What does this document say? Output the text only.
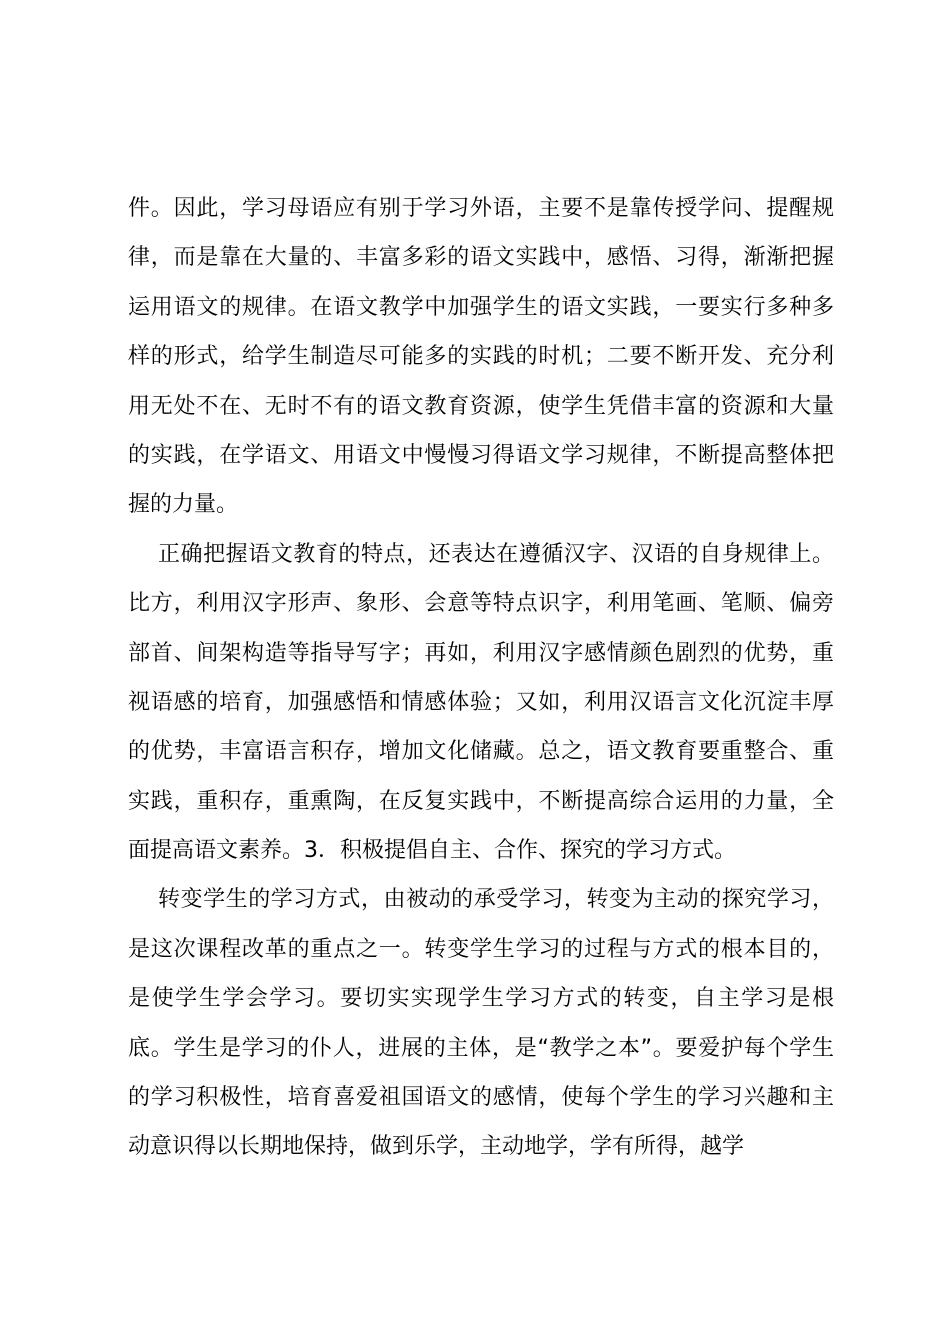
件。因此，学习母语应有别于学习外语，主要不是靠传授学问、提醒规
律，而是靠在大量的、丰富多彩的语文实践中，感悟、习得，渐渐把握
运用语文的规律。在语文教学中加强学生的语文实践，一要实行多种多
样的形式，给学生制造尽可能多的实践的时机；二要不断开发、充分利
用无处不在、无时不有的语文教育资源，使学生凭借丰富的资源和大量
的实践，在学语文、用语文中慢慢习得语文学习规律，不断提高整体把
握的力量。
正确把握语文教育的特点，还表达在遵循汉字、汉语的自身规律上。
比方，利用汉字形声、象形、会意等特点识字，利用笔画、笔顺、偏旁
部首、间架构造等指导写字；再如，利用汉字感情颜色剧烈的优势，重
视语感的培育，加强感悟和情感体验；又如，利用汉语言文化沉淀丰厚
的优势，丰富语言积存，增加文化储藏。总之，语文教育要重整合、重
实践，重积存，重熏陶，在反复实践中，不断提高综合运用的力量，全
面提高语文素养。3．积极提倡自主、合作、探究的学习方式。
转变学生的学习方式，由被动的承受学习，转变为主动的探究学习，
是这次课程改革的重点之一。转变学生学习的过程与方式的根本目的，
是使学生学会学习。要切实实现学生学习方式的转变，自主学习是根
底。学生是学习的仆人，进展的主体，是“教学之本”。要爱护每个学生
的学习积极性，培育喜爱祖国语文的感情，使每个学生的学习兴趣和主
动意识得以长期地保持，做到乐学，主动地学，学有所得，越学
